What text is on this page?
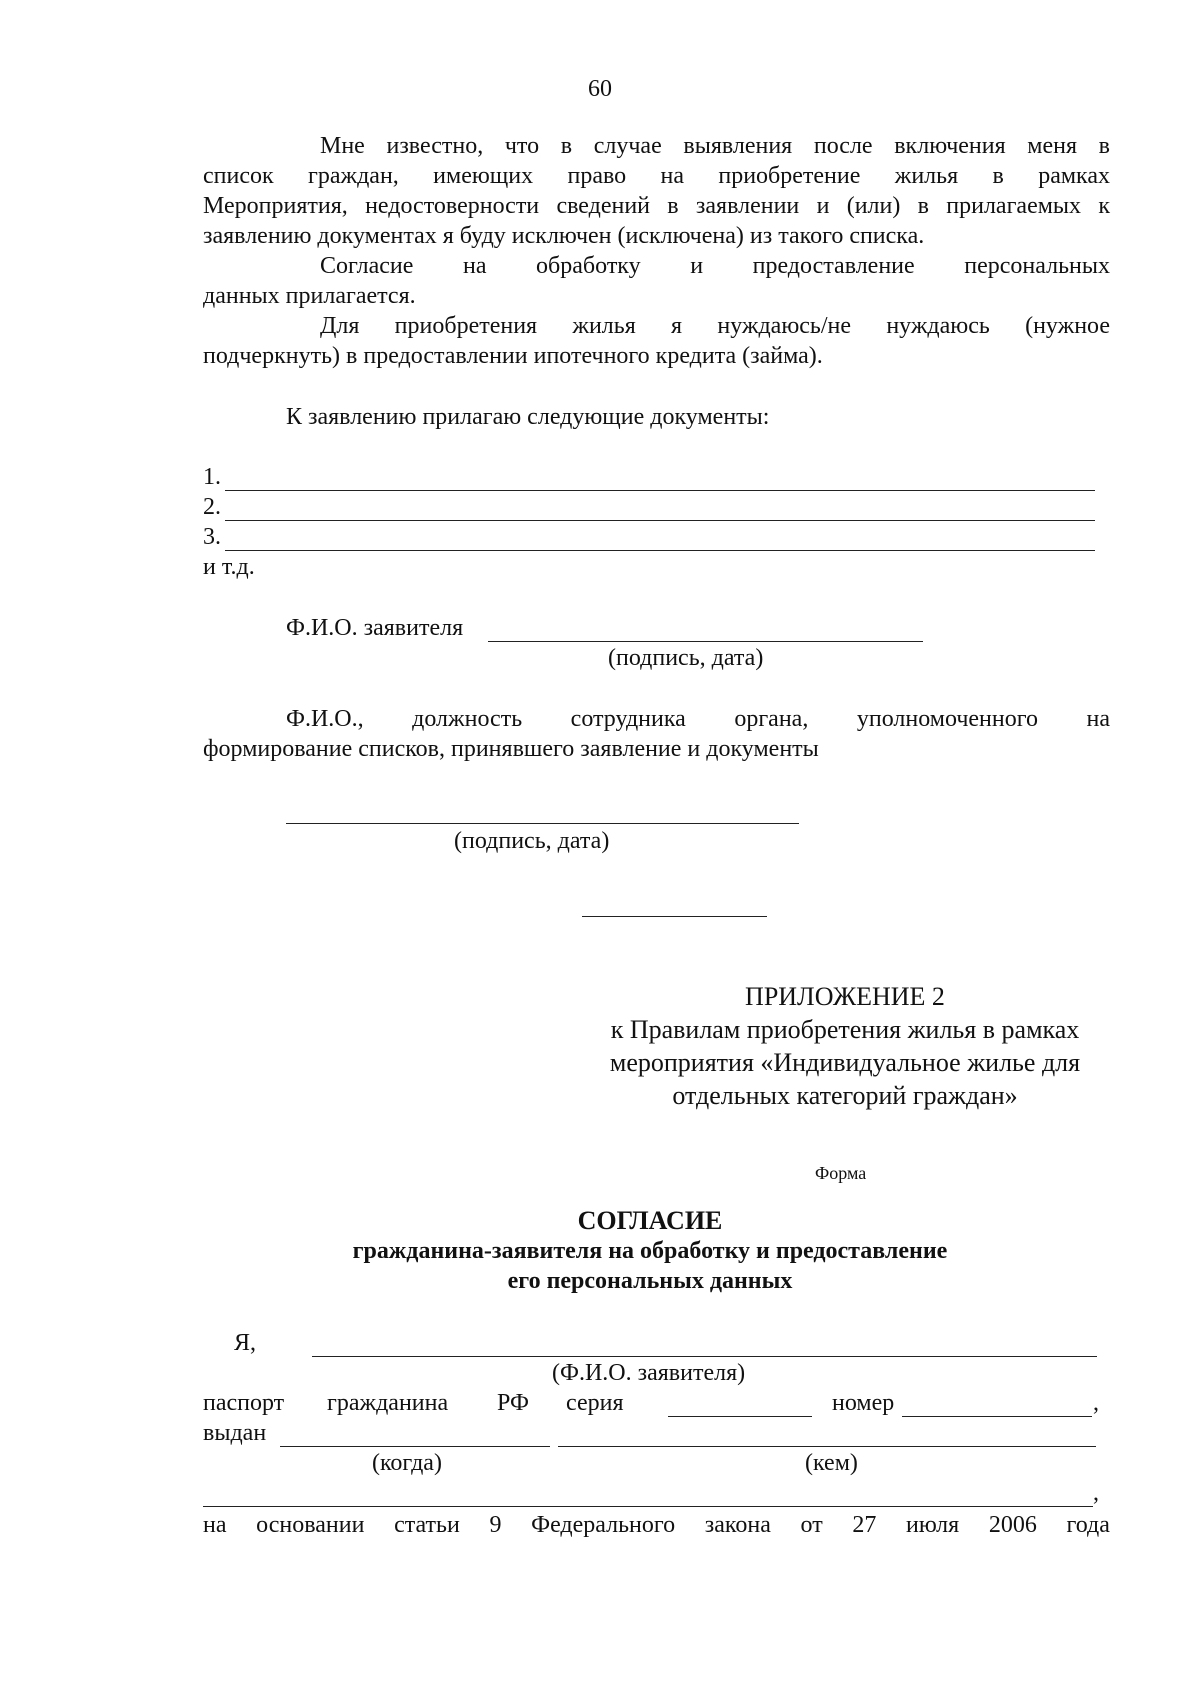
60
Мне известно, что в случае выявления после включения меня в
список граждан, имеющих право на приобретение жилья в рамках
Мероприятия, недостоверности сведений в заявлении и (или) в прилагаемых к
заявлению документах я буду исключен (исключена) из такого списка.
Согласие на обработку и предоставление персональных
данных прилагается.
Для приобретения жилья я нуждаюсь/не нуждаюсь (нужное
подчеркнуть) в предоставлении ипотечного кредита (займа).
К заявлению прилагаю следующие документы:
1.
2.
3.
и т.д.
Ф.И.О. заявителя
(подпись, дата)
Ф.И.О., должность сотрудника органа, уполномоченного на
формирование списков, принявшего заявление и документы
(подпись, дата)
ПРИЛОЖЕНИЕ 2
к Правилам приобретения жилья в рамках
мероприятия «Индивидуальное жилье для
отдельных категорий граждан»
Форма
СОГЛАСИЕ
гражданина-заявителя на обработку и предоставление
его персональных данных
Я,
(Ф.И.О. заявителя)
паспорт гражданина РФ серия	номер	,
выдан
(когда)	(кем)
,
на основании статьи 9 Федерального закона от 27 июля 2006 года
